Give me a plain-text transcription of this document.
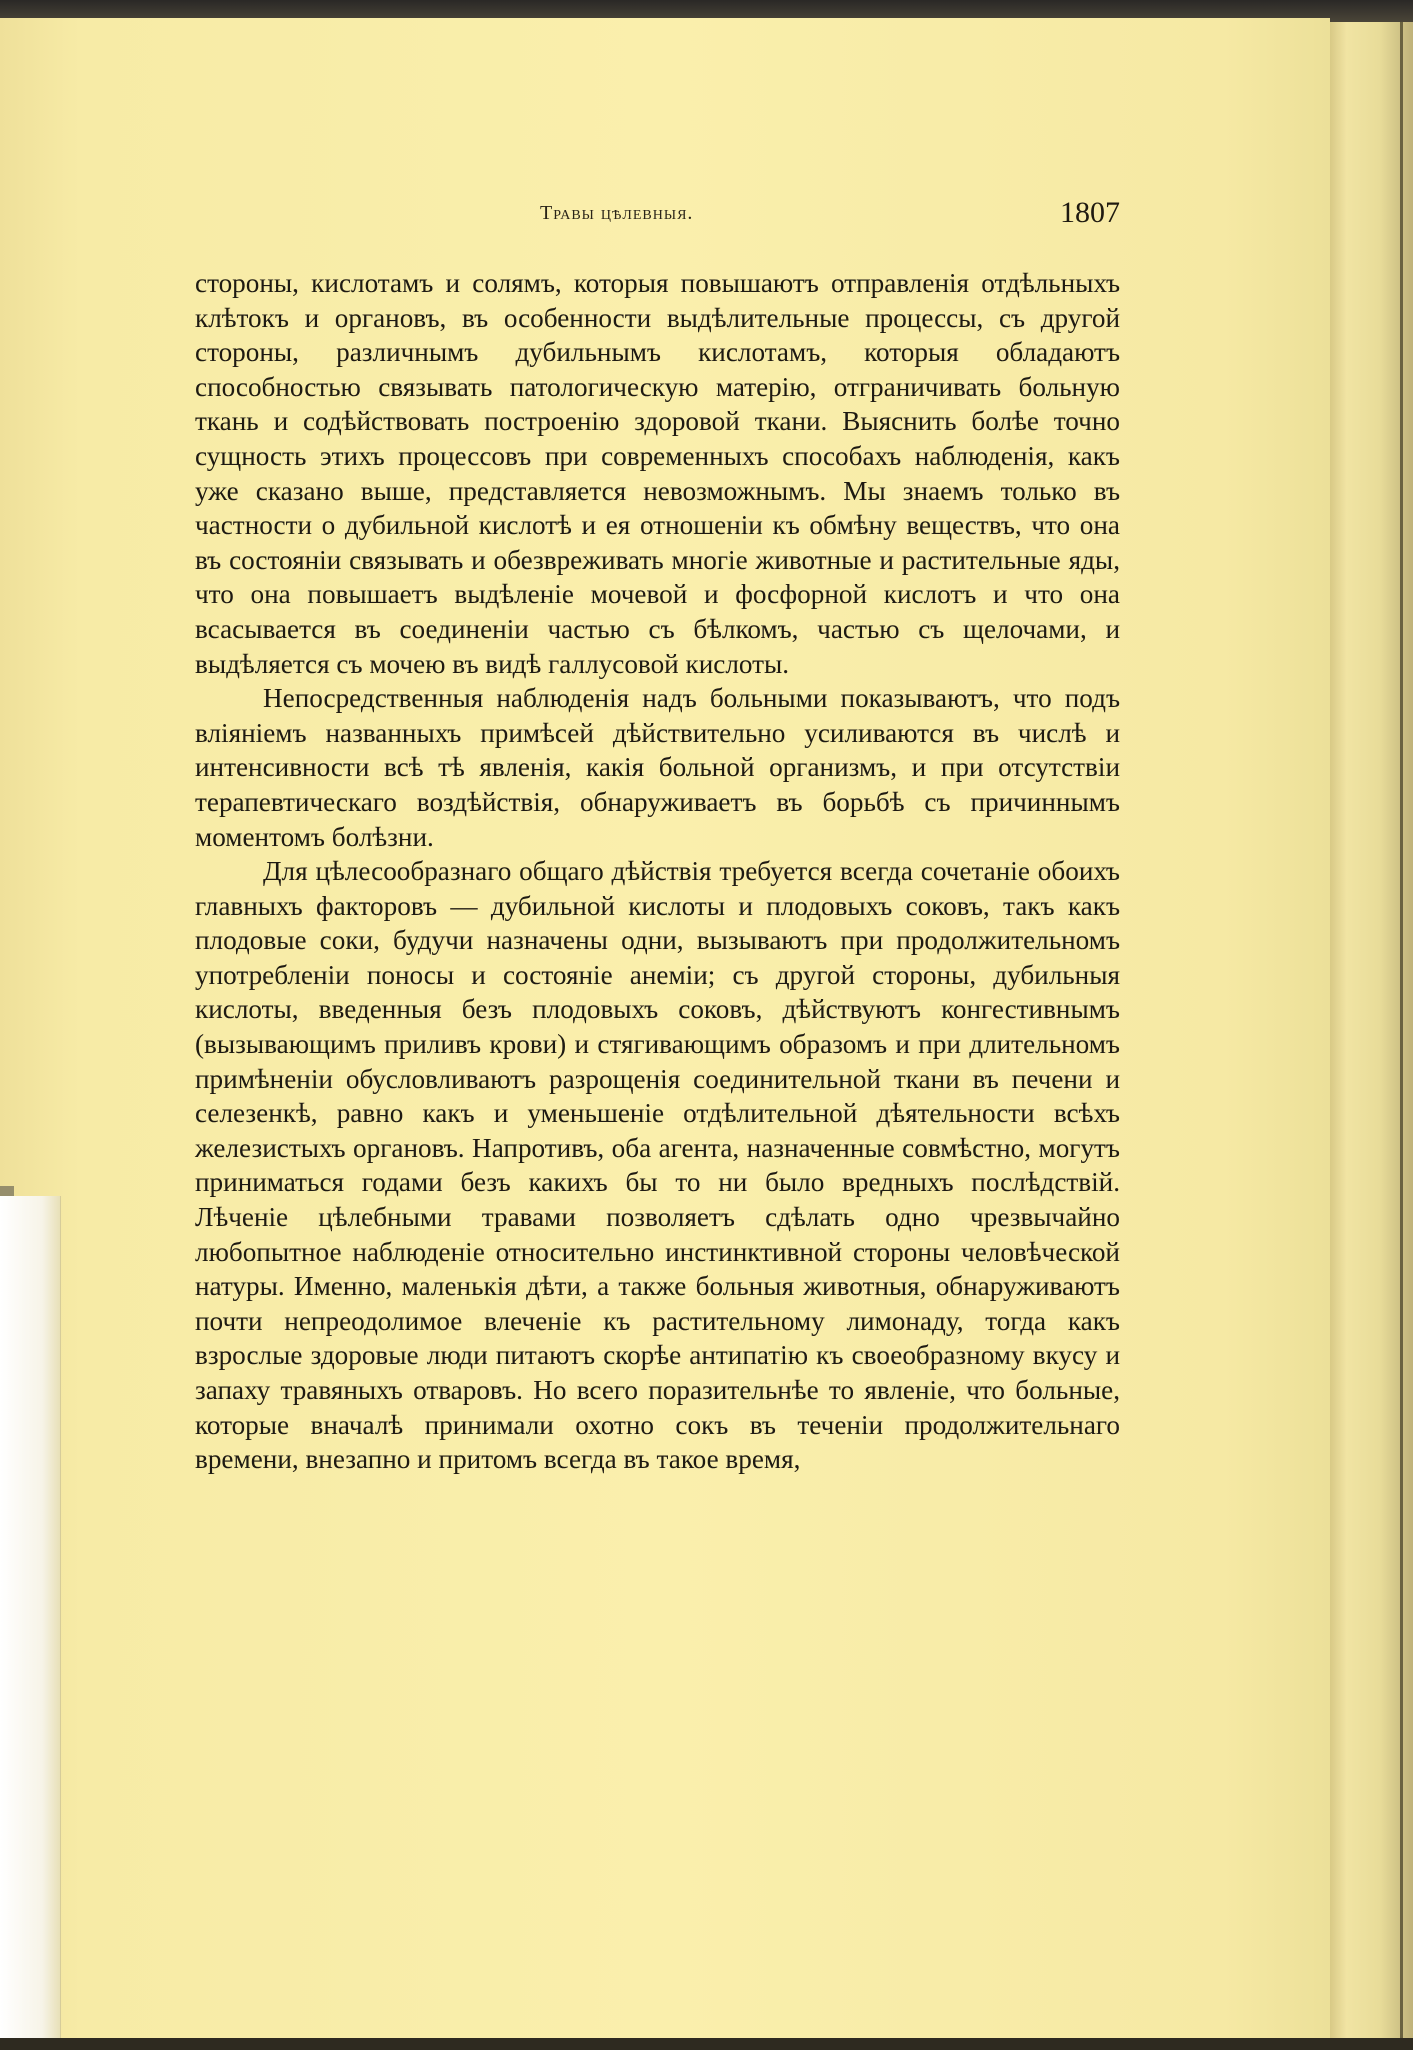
Травы цѣлевныя.	1807

стороны, кислотамъ и солямъ, которыя повышаютъ отправленія отдѣльныхъ клѣтокъ и органовъ, въ особенности выдѣлительные процессы, съ другой стороны, различнымъ дубильнымъ кислотамъ, которыя обладаютъ способностью связывать патологическую матерію, отграничивать больную ткань и содѣйствовать построенію здоровой ткани. Выяснить болѣе точно сущность этихъ процессовъ при современныхъ способахъ наблюденія, какъ уже сказано выше, представляется невозможнымъ. Мы знаемъ только въ частности о дубильной кислотѣ и ея отношеніи къ обмѣну веществъ, что она въ состояніи связывать и обезвреживать многіе животные и растительные яды, что она повышаетъ выдѣленіе мочевой и фосфорной кислотъ и что она всасывается въ соединеніи частью съ бѣлкомъ, частью съ щелочами, и выдѣляется съ мочею въ видѣ галлусовой кислоты.

Непосредственныя наблюденія надъ больными показываютъ, что подъ вліяніемъ названныхъ примѣсей дѣйствительно усиливаются въ числѣ и интенсивности всѣ тѣ явленія, какія больной организмъ, и при отсутствіи терапевтическаго воздѣйствія, обнаруживаетъ въ борьбѣ съ причиннымъ моментомъ болѣзни.

Для цѣлесообразнаго общаго дѣйствія требуется всегда сочетаніе обоихъ главныхъ факторовъ — дубильной кислоты и плодовыхъ соковъ, такъ какъ плодовые соки, будучи назначены одни, вызываютъ при продолжительномъ употребленіи поносы и состояніе анеміи; съ другой стороны, дубильныя кислоты, введенныя безъ плодовыхъ соковъ, дѣйствуютъ конгестивнымъ (вызывающимъ приливъ крови) и стягивающимъ образомъ и при длительномъ примѣненіи обусловливаютъ разрощенія соединительной ткани въ печени и селезенкѣ, равно какъ и уменьшеніе отдѣлительной дѣятельности всѣхъ железистыхъ органовъ. Напротивъ, оба агента, назначенные совмѣстно, могутъ приниматься годами безъ какихъ бы то ни было вредныхъ послѣдствій. Лѣченіе цѣлебными травами позволяетъ сдѣлать одно чрезвычайно любопытное наблюденіе относительно инстинктивной стороны человѣческой натуры. Именно, маленькія дѣти, а также больныя животныя, обнаруживаютъ почти непреодолимое влеченіе къ растительному лимонаду, тогда какъ взрослые здоровые люди питаютъ скорѣе антипатію къ своеобразному вкусу и запаху травяныхъ отваровъ. Но всего поразительнѣе то явленіе, что больные, которые вначалѣ принимали охотно сокъ въ теченіи продолжительнаго времени, внезапно и притомъ всегда въ такое время,
